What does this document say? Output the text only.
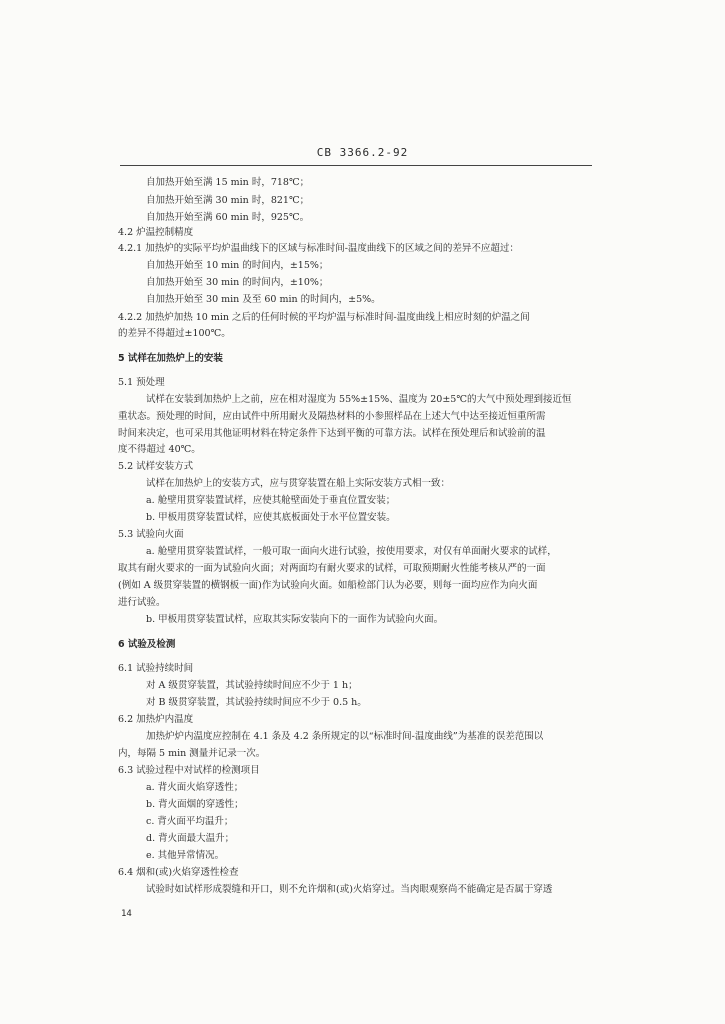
CB 3366.2-92
自加热开始至满 15 min 时，718℃；
自加热开始至满 30 min 时，821℃；
自加热开始至满 60 min 时，925℃。
4.2 炉温控制精度
4.2.1 加热炉的实际平均炉温曲线下的区域与标准时间-温度曲线下的区域之间的差异不应超过：
自加热开始至 10 min 的时间内，±15%；
自加热开始至 30 min 的时间内，±10%；
自加热开始至 30 min 及至 60 min 的时间内，±5%。
4.2.2 加热炉加热 10 min 之后的任何时候的平均炉温与标准时间-温度曲线上相应时刻的炉温之间
的差异不得超过±100℃。
5 试样在加热炉上的安装
5.1 预处理
试样在安装到加热炉上之前，应在相对湿度为 55%±15%、温度为 20±5℃的大气中预处理到接近恒
重状态。预处理的时间，应由试件中所用耐火及隔热材料的小参照样品在上述大气中达至接近恒重所需
时间来决定，也可采用其他证明材料在特定条件下达到平衡的可靠方法。试样在预处理后和试验前的温
度不得超过 40℃。
5.2 试样安装方式
试样在加热炉上的安装方式，应与贯穿装置在船上实际安装方式相一致：
a. 舱壁用贯穿装置试样，应使其舱壁面处于垂直位置安装；
b. 甲板用贯穿装置试样，应使其底板面处于水平位置安装。
5.3 试验向火面
a. 舱壁用贯穿装置试样，一般可取一面向火进行试验，按使用要求，对仅有单面耐火要求的试样，
取其有耐火要求的一面为试验向火面；对两面均有耐火要求的试样，可取预期耐火性能考核从严的一面
(例如 A 级贯穿装置的横钢板一面)作为试验向火面。如船检部门认为必要，则每一面均应作为向火面
进行试验。
b. 甲板用贯穿装置试样，应取其实际安装向下的一面作为试验向火面。
6 试验及检测
6.1 试验持续时间
对 A 级贯穿装置，其试验持续时间应不少于 1 h；
对 B 级贯穿装置，其试验持续时间应不少于 0.5 h。
6.2 加热炉内温度
加热炉炉内温度应控制在 4.1 条及 4.2 条所规定的以“标准时间-温度曲线”为基准的误差范围以
内，每隔 5 min 测量并记录一次。
6.3 试验过程中对试样的检测项目
a. 背火面火焰穿透性；
b. 背火面烟的穿透性；
c. 背火面平均温升；
d. 背火面最大温升；
e. 其他异常情况。
6.4 烟和(或)火焰穿透性检查
试验时如试样形成裂缝和开口，则不允许烟和(或)火焰穿过。当肉眼观察尚不能确定是否属于穿透
14
